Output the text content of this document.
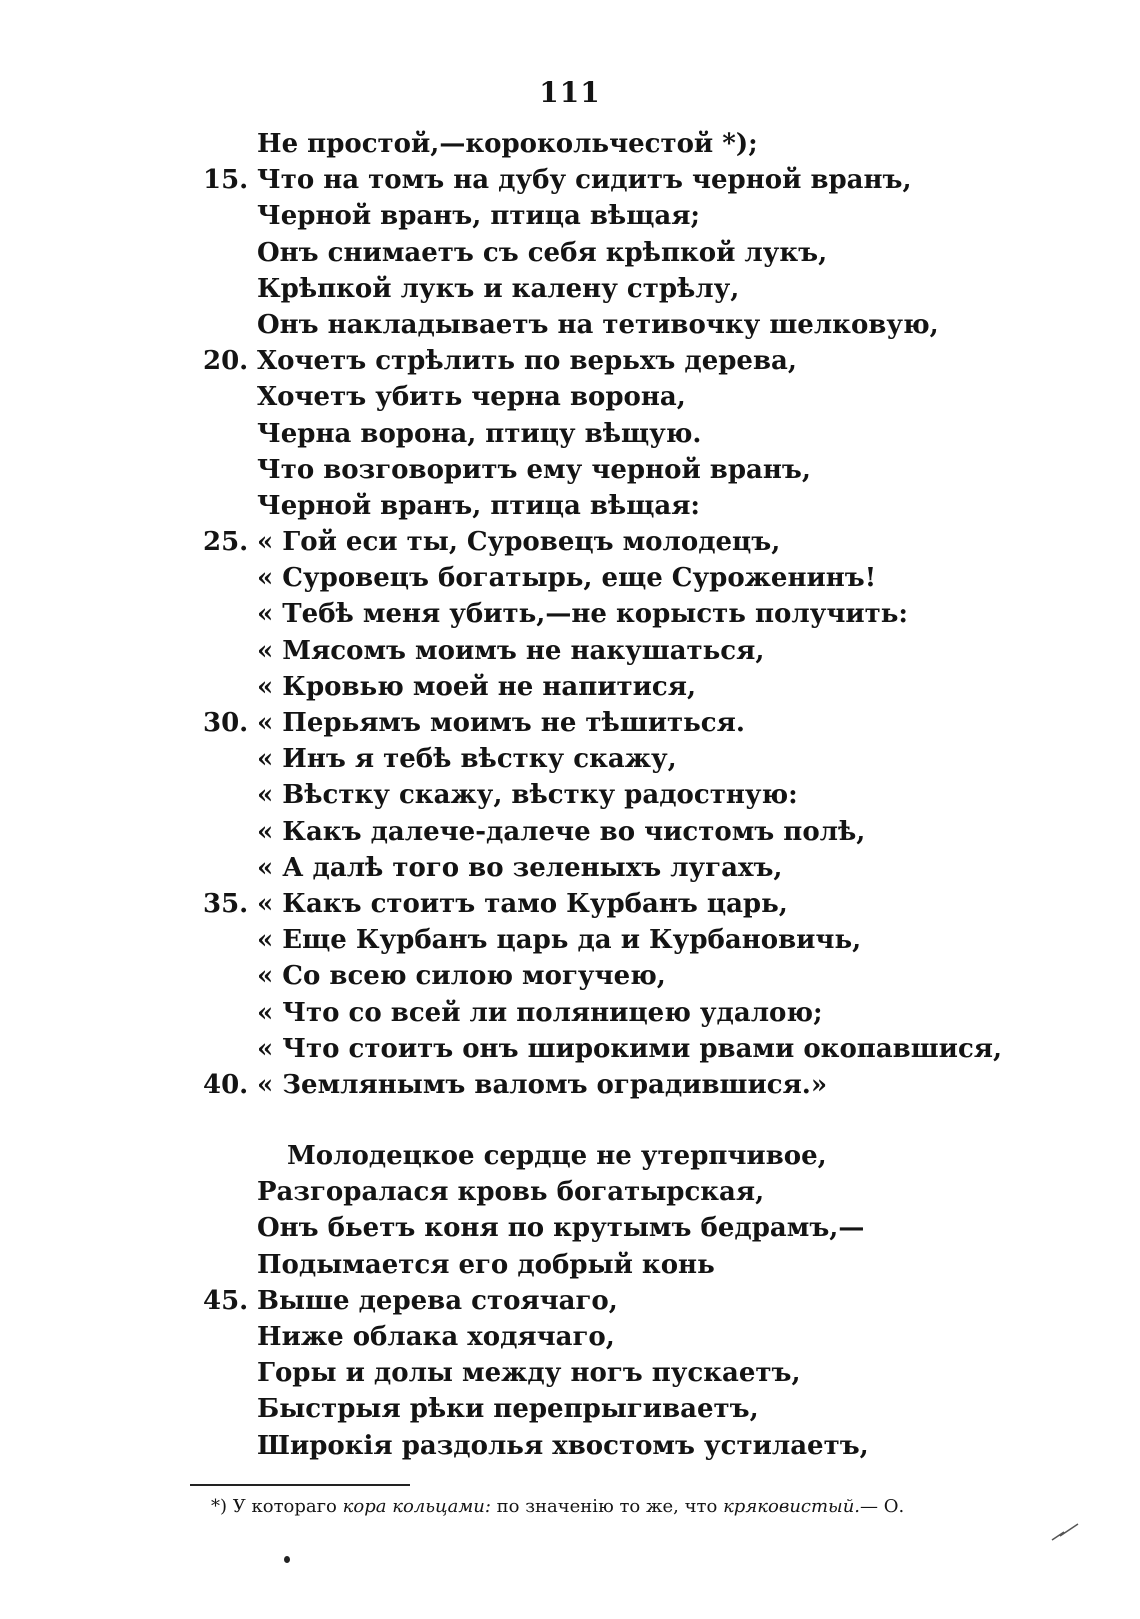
111
Не простой,—корокольчестой *);
15. Что на томъ на дубу сидитъ черной вранъ,
Черной вранъ, птица вѣщая;
Онъ снимаетъ съ себя крѣпкой лукъ,
Крѣпкой лукъ и калену стрѣлу,
Онъ накладываетъ на тетивочку шелковую,
20. Хочетъ стрѣлить по верьхъ дерева,
Хочетъ убить черна ворона,
Черна ворона, птицу вѣщую.
Что возговоритъ ему черной вранъ,
Черной вранъ, птица вѣщая:
25. « Гой еси ты, Суровецъ молодецъ,
« Суровецъ богатырь, еще Суроженинъ!
« Тебѣ меня убить,—не корысть получить:
« Мясомъ моимъ не накушаться,
« Кровью моей не напитися,
30. « Перьямъ моимъ не тѣшиться.
« Инъ я тебѣ вѣстку скажу,
« Вѣстку скажу, вѣстку радостную:
« Какъ далече-далече во чистомъ полѣ,
« А далѣ того во зеленыхъ лугахъ,
35. « Какъ стоитъ тамо Курбанъ царь,
« Еще Курбанъ царь да и Курбановичь,
« Со всею силою могучею,
« Что со всей ли поляницею удалою;
« Что стоитъ онъ широкими рвами окопавшися,
40. « Землянымъ валомъ оградившися.»
Молодецкое сердце не утерпчивое,
Разгоралася кровь богатырская,
Онъ бьетъ коня по крутымъ бедрамъ,—
Подымается его добрый конь
45. Выше дерева стоячаго,
Ниже облака ходячаго,
Горы и долы между ногъ пускаетъ,
Быстрыя рѣки перепрыгиваетъ,
Широкія раздолья хвостомъ устилаетъ,
*) У котораго кора кольцами: по значенію то же, что кряковистый.— О.
